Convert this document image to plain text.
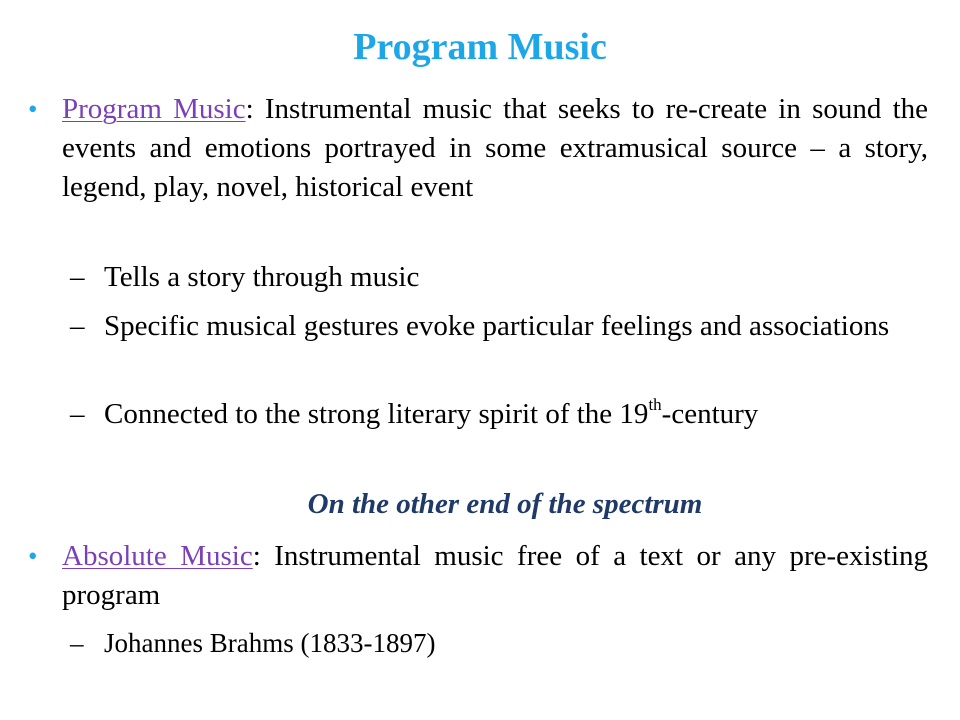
Program Music
• Program Music: Instrumental music that seeks to re-create in sound the events and emotions portrayed in some extramusical source – a story, legend, play, novel, historical event
– Tells a story through music
– Specific musical gestures evoke particular feelings and associations
– Connected to the strong literary spirit of the 19th-century
On the other end of the spectrum
• Absolute Music: Instrumental music free of a text or any pre-existing program
– Johannes Brahms (1833-1897)
